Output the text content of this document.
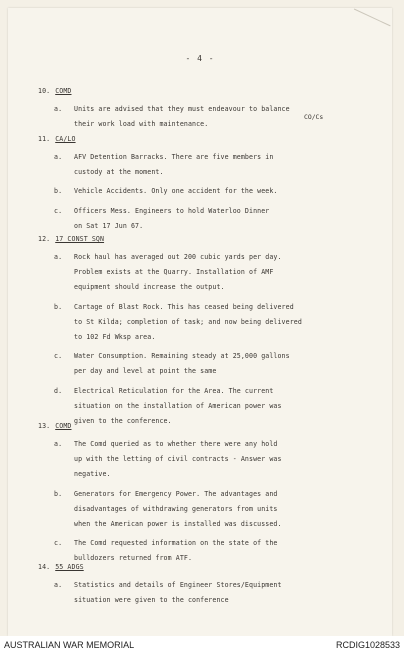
- 4 -
10. COMD
a. Units are advised that they must endeavour to balance
their work load with maintenance.
CO/Cs
11. CA/LO
a. AFV Detention Barracks. There are five members in
custody at the moment.
b. Vehicle Accidents. Only one accident for the week.
c. Officers Mess. Engineers to hold Waterloo Dinner
on Sat 17 Jun 67.
12. 17 CONST SQN
a. Rock haul has averaged out 200 cubic yards per day.
Problem exists at the Quarry. Installation of AMF
equipment should increase the output.
b. Cartage of Blast Rock. This has ceased being delivered
to St Kilda; completion of task; and now being delivered
to 102 Fd Wksp area.
c. Water Consumption. Remaining steady at 25,000 gallons
per day and level at point the same
d. Electrical Reticulation for the Area. The current
situation on the installation of American power was
given to the conference.
13. COMD
a. The Comd queried as to whether there were any hold
up with the letting of civil contracts - Answer was
negative.
b. Generators for Emergency Power. The advantages and
disadvantages of withdrawing generators from units
when the American power is installed was discussed.
c. The Comd requested information on the state of the
bulldozers returned from ATF.
14. 55 ADGS
a. Statistics and details of Engineer Stores/Equipment
situation were given to the conference
AUSTRALIAN WAR MEMORIAL	RCDIG1028533
